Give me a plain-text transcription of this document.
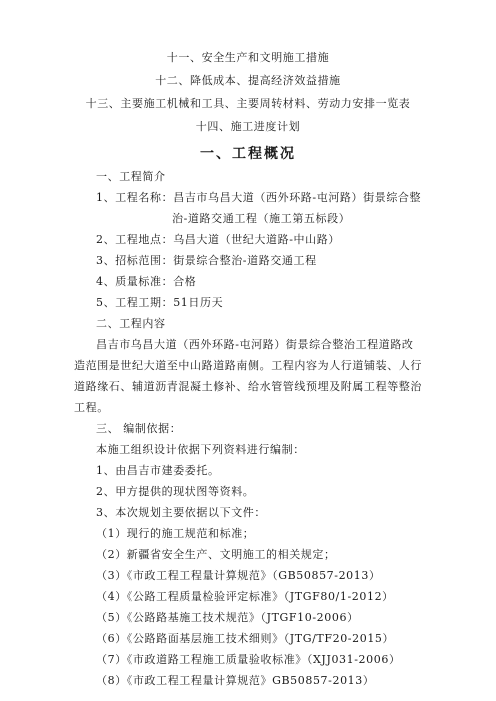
十一、安全生产和文明施工措施
十二、降低成本、提高经济效益措施
十三、主要施工机械和工具、主要周转材料、劳动力安排一览表
十四、施工进度计划
一、工程概况
一、工程简介
1、工程名称：昌吉市乌昌大道（西外环路-屯河路）街景综合整
治-道路交通工程（施工第五标段）
2、工程地点：乌昌大道（世纪大道路-中山路）
3、招标范围：街景综合整治-道路交通工程
4、质量标准：合格
5、工程工期：51日历天
二、工程内容
昌吉市乌昌大道（西外环路-屯河路）街景综合整治工程道路改
造范围是世纪大道至中山路道路南侧。工程内容为人行道铺装、人行
道路缘石、辅道沥青混凝土修补、给水管管线预埋及附属工程等整治
工程。
三、 编制依据：
本施工组织设计依据下列资料进行编制：
1、由昌吉市建委委托。
2、甲方提供的现状图等资料。
3、本次规划主要依据以下文件：
（1）现行的施工规范和标准；
（2）新疆省安全生产、文明施工的相关规定；
（3）《市政工程工程量计算规范》（GB50857-2013）
（4）《公路工程质量检验评定标准》（JTGF80/1-2012）
（5）《公路路基施工技术规范》（JTGF10-2006）
（6）《公路路面基层施工技术细则》（JTG/TF20-2015）
（7）《市政道路工程施工质量验收标准》（XJJ031-2006）
（8）《市政工程工程量计算规范》GB50857-2013）
